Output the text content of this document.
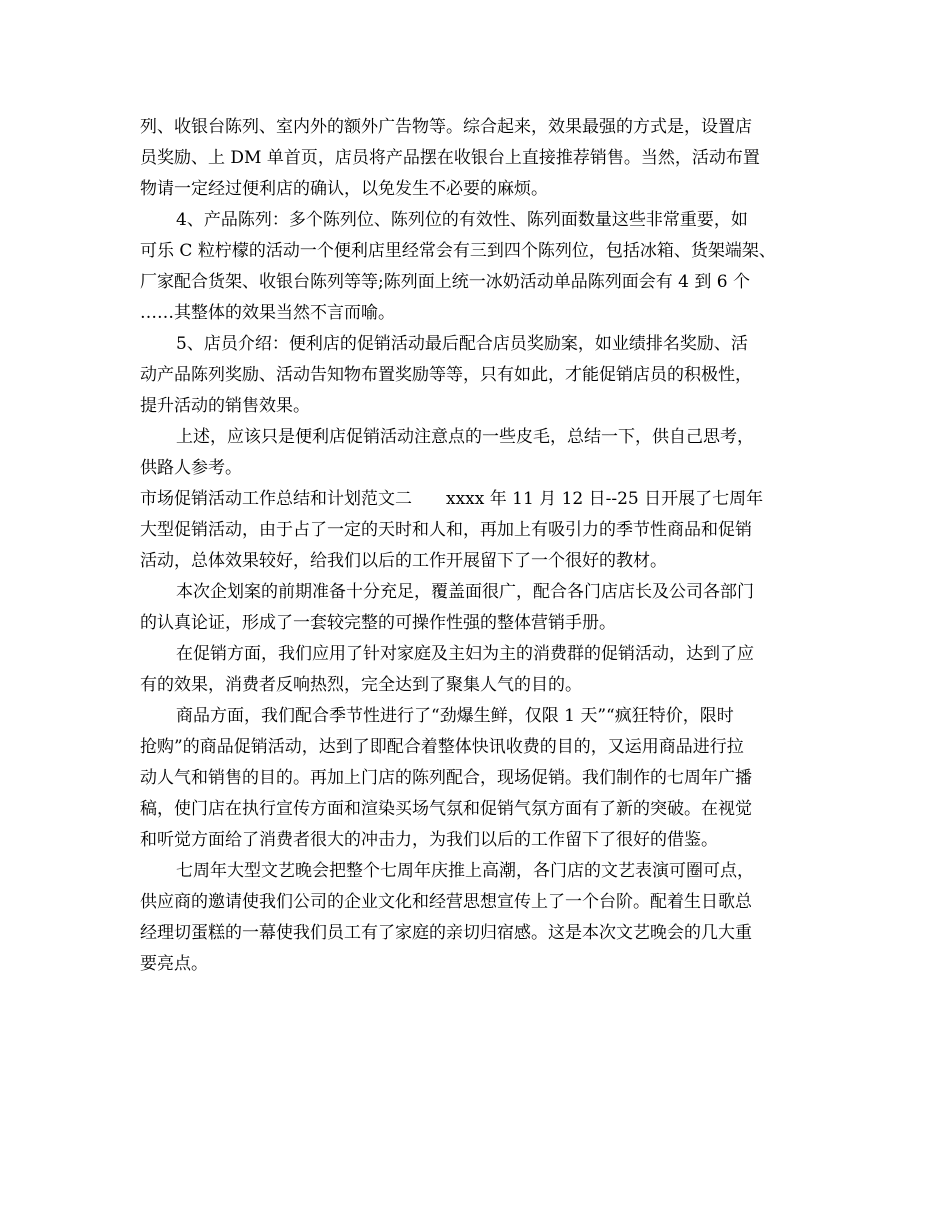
列、收银台陈列、室内外的额外广告物等。综合起来，效果最强的方式是，设置店
员奖励、上 DM 单首页，店员将产品摆在收银台上直接推荐销售。当然，活动布置
物请一定经过便利店的确认，以免发生不必要的麻烦。
4、产品陈列：多个陈列位、陈列位的有效性、陈列面数量这些非常重要，如
可乐 C 粒柠檬的活动一个便利店里经常会有三到四个陈列位，包括冰箱、货架端架、
厂家配合货架、收银台陈列等等;陈列面上统一冰奶活动单品陈列面会有 4 到 6 个
……其整体的效果当然不言而喻。
5、店员介绍：便利店的促销活动最后配合店员奖励案，如业绩排名奖励、活
动产品陈列奖励、活动告知物布置奖励等等，只有如此，才能促销店员的积极性，
提升活动的销售效果。
上述，应该只是便利店促销活动注意点的一些皮毛，总结一下，供自己思考，
供路人参考。
市场促销活动工作总结和计划范文二　　xxxx 年 11 月 12 日--25 日开展了七周年
大型促销活动，由于占了一定的天时和人和，再加上有吸引力的季节性商品和促销
活动，总体效果较好，给我们以后的工作开展留下了一个很好的教材。
本次企划案的前期准备十分充足，覆盖面很广，配合各门店店长及公司各部门
的认真论证，形成了一套较完整的可操作性强的整体营销手册。
在促销方面，我们应用了针对家庭及主妇为主的消费群的促销活动，达到了应
有的效果，消费者反响热烈，完全达到了聚集人气的目的。
商品方面，我们配合季节性进行了“劲爆生鲜，仅限 1 天”“疯狂特价，限时
抢购”的商品促销活动，达到了即配合着整体快讯收费的目的，又运用商品进行拉
动人气和销售的目的。再加上门店的陈列配合，现场促销。我们制作的七周年广播
稿，使门店在执行宣传方面和渲染买场气氛和促销气氛方面有了新的突破。在视觉
和听觉方面给了消费者很大的冲击力，为我们以后的工作留下了很好的借鉴。
七周年大型文艺晚会把整个七周年庆推上高潮，各门店的文艺表演可圈可点，
供应商的邀请使我们公司的企业文化和经营思想宣传上了一个台阶。配着生日歌总
经理切蛋糕的一幕使我们员工有了家庭的亲切归宿感。这是本次文艺晚会的几大重
要亮点。
